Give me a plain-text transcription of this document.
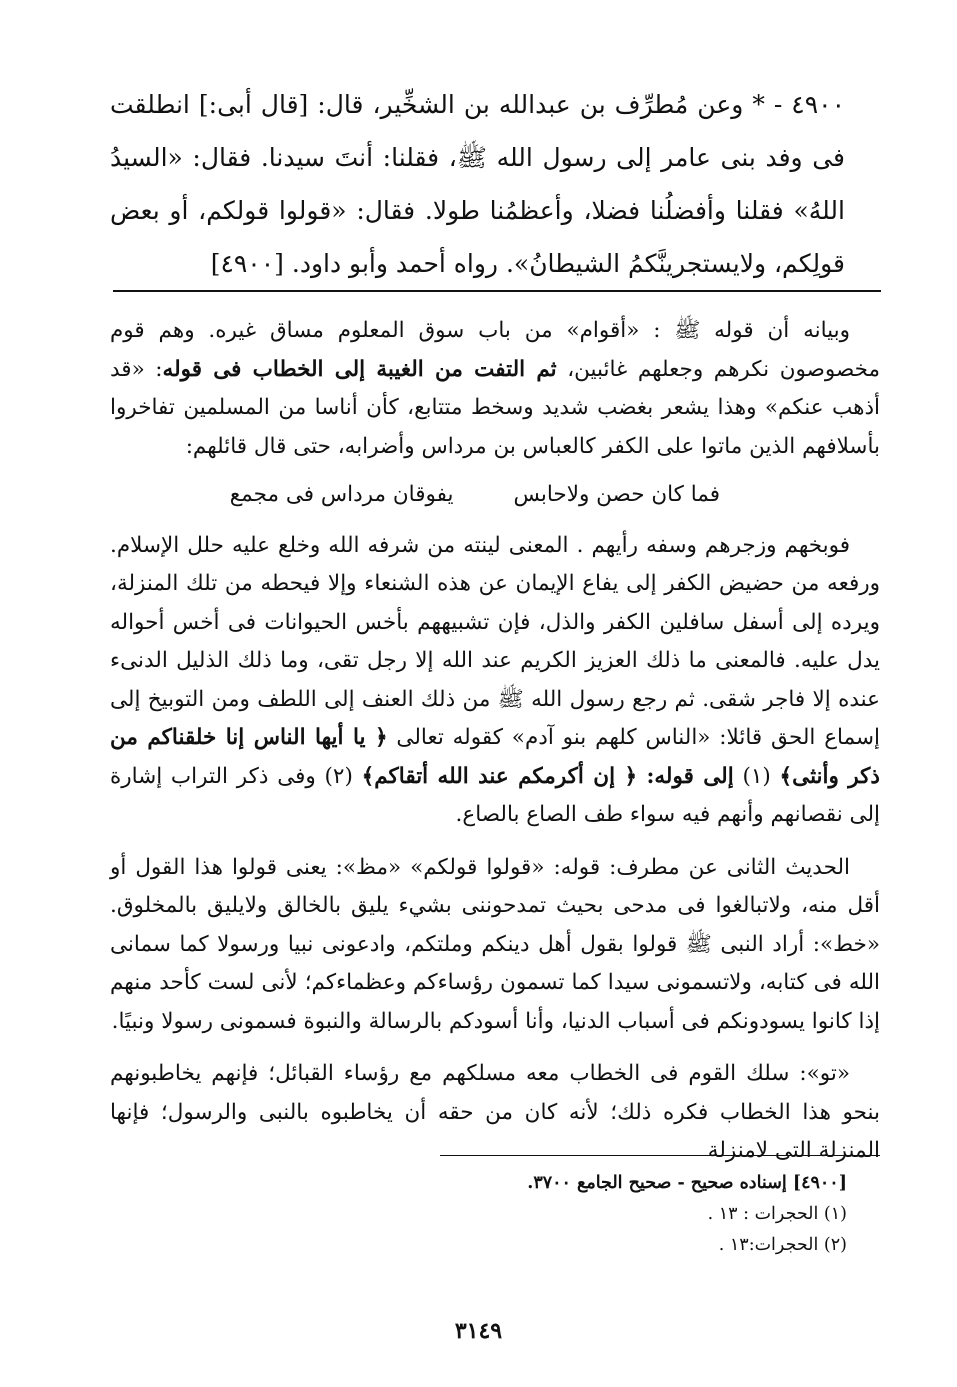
٤٩٠٠ - * وعن مُطرِّف بن عبدالله بن الشخِّير، قال: [قال أبى:] انطلقت فى وفد بنى عامر إلى رسول الله ﷺ، فقلنا: أنتَ سيدنا. فقال: «السيدُ اللهُ» فقلنا وأفضلُنا فضلا، وأعظمُنا طولا. فقال: «قولوا قولكم، أو بعض قولِكم، ولايستجرينَّكمُ الشيطانُ». رواه أحمد وأبو داود. [٤٩٠٠]

وبيانه أن قوله ﷺ : «أقوام» من باب سوق المعلوم مساق غيره. وهم قوم مخصوصون نكرهم وجعلهم غائبين، ثم التفت من الغيبة إلى الخطاب فى قوله: «قد أذهب عنكم» وهذا يشعر بغضب شديد وسخط متتابع، كأن أناسا من المسلمين تفاخروا بأسلافهم الذين ماتوا على الكفر كالعباس بن مرداس وأضرابه، حتى قال قائلهم:

فما كان حصن ولاحابس
يفوقان مرداس فى مجمع

فوبخهم وزجرهم وسفه رأيهم . المعنى لينته من شرفه الله وخلع عليه حلل الإسلام. ورفعه من حضيض الكفر إلى يفاع الإيمان عن هذه الشنعاء وإلا فيحطه من تلك المنزلة، ويرده إلى أسفل سافلين الكفر والذل، فإن تشبيههم بأخس الحيوانات فى أخس أحواله يدل عليه. فالمعنى ما ذلك العزيز الكريم عند الله إلا رجل تقى، وما ذلك الذليل الدنىء عنده إلا فاجر شقى. ثم رجع رسول الله ﷺ من ذلك العنف إلى اللطف ومن التوبيخ إلى إسماع الحق قائلا: «الناس كلهم بنو آدم» كقوله تعالى ﴿ يا أيها الناس إنا خلقناكم من ذكر وأنثى﴾ (١) إلى قوله: ﴿ إن أكرمكم عند الله أتقاكم﴾ (٢) وفى ذكر التراب إشارة إلى نقصانهم وأنهم فيه سواء طف الصاع بالصاع.

الحديث الثانى عن مطرف: قوله: «قولوا قولكم» «مظ»: يعنى قولوا هذا القول أو أقل منه، ولاتبالغوا فى مدحى بحيث تمدحوننى بشيء يليق بالخالق ولايليق بالمخلوق. «خط»: أراد النبى ﷺ قولوا بقول أهل دينكم وملتكم، وادعونى نبيا ورسولا كما سمانى الله فى كتابه، ولاتسمونى سيدا كما تسمون رؤساءكم وعظماءكم؛ لأنى لست كأحد منهم إذا كانوا يسودونكم فى أسباب الدنيا، وأنا أسودكم بالرسالة والنبوة فسمونى رسولا ونبيًا.

«تو»: سلك القوم فى الخطاب معه مسلكهم مع رؤساء القبائل؛ فإنهم يخاطبونهم بنحو هذا الخطاب فكره ذلك؛ لأنه كان من حقه أن يخاطبوه بالنبى والرسول؛ فإنها المنزلة التى لامنزلة

[٤٩٠٠] إسناده صحيح - صحيح الجامع ٣٧٠٠.
(١) الحجرات : ١٣ .
(٢) الحجرات:١٣ .
٣١٤٩
